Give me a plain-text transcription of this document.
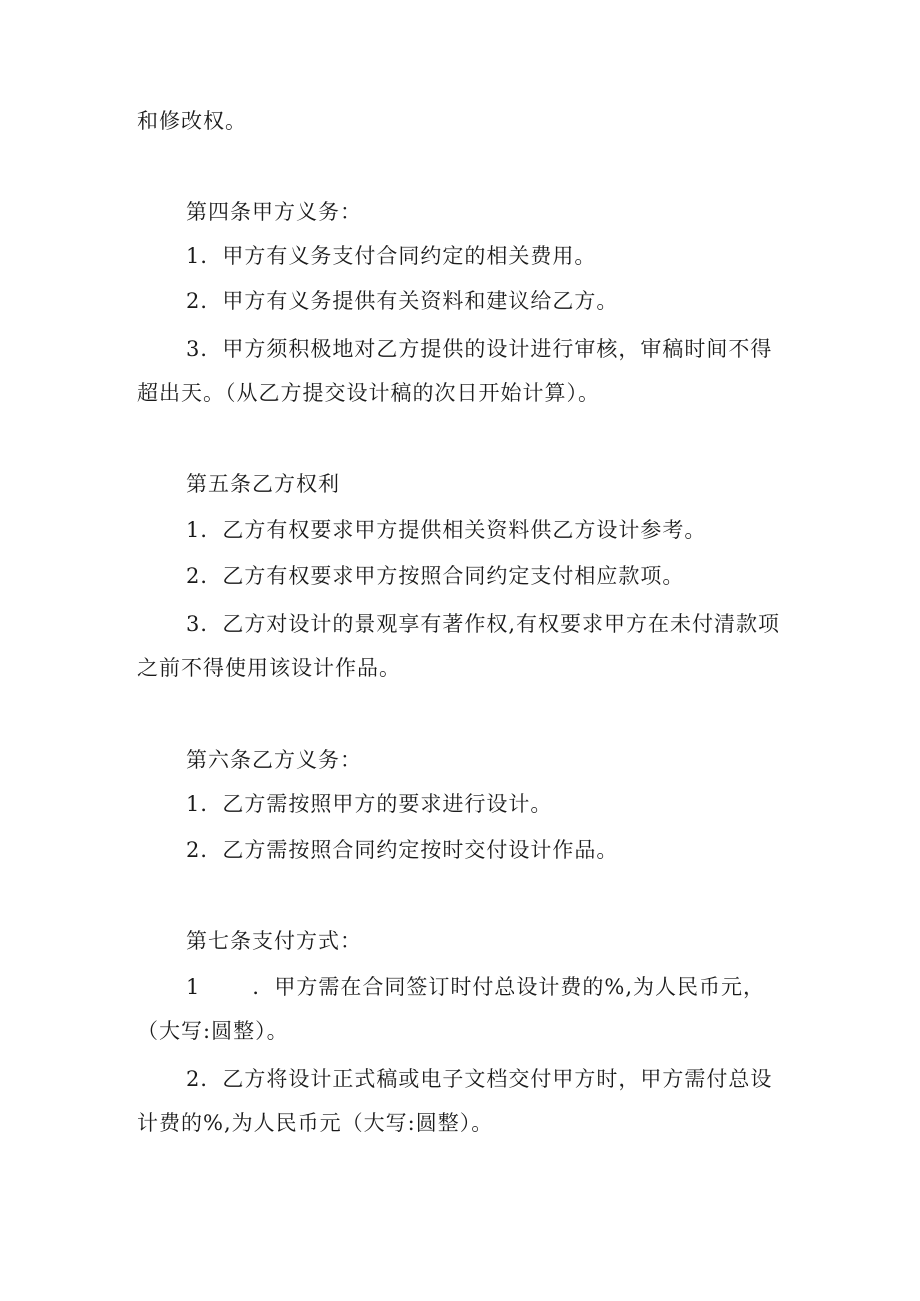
和修改权。
第四条甲方义务：
1．甲方有义务支付合同约定的相关费用。
2．甲方有义务提供有关资料和建议给乙方。
3．甲方须积极地对乙方提供的设计进行审核，审稿时间不得
超出天。（从乙方提交设计稿的次日开始计算）。
第五条乙方权利
1．乙方有权要求甲方提供相关资料供乙方设计参考。
2．乙方有权要求甲方按照合同约定支付相应款项。
3．乙方对设计的景观享有著作权,有权要求甲方在未付清款项
之前不得使用该设计作品。
第六条乙方义务：
1．乙方需按照甲方的要求进行设计。
2．乙方需按照合同约定按时交付设计作品。
第七条支付方式：
1 ．甲方需在合同签订时付总设计费的%,为人民币元，
（大写:圆整）。
2．乙方将设计正式稿或电子文档交付甲方时，甲方需付总设
计费的%,为人民币元（大写:圆整）。
